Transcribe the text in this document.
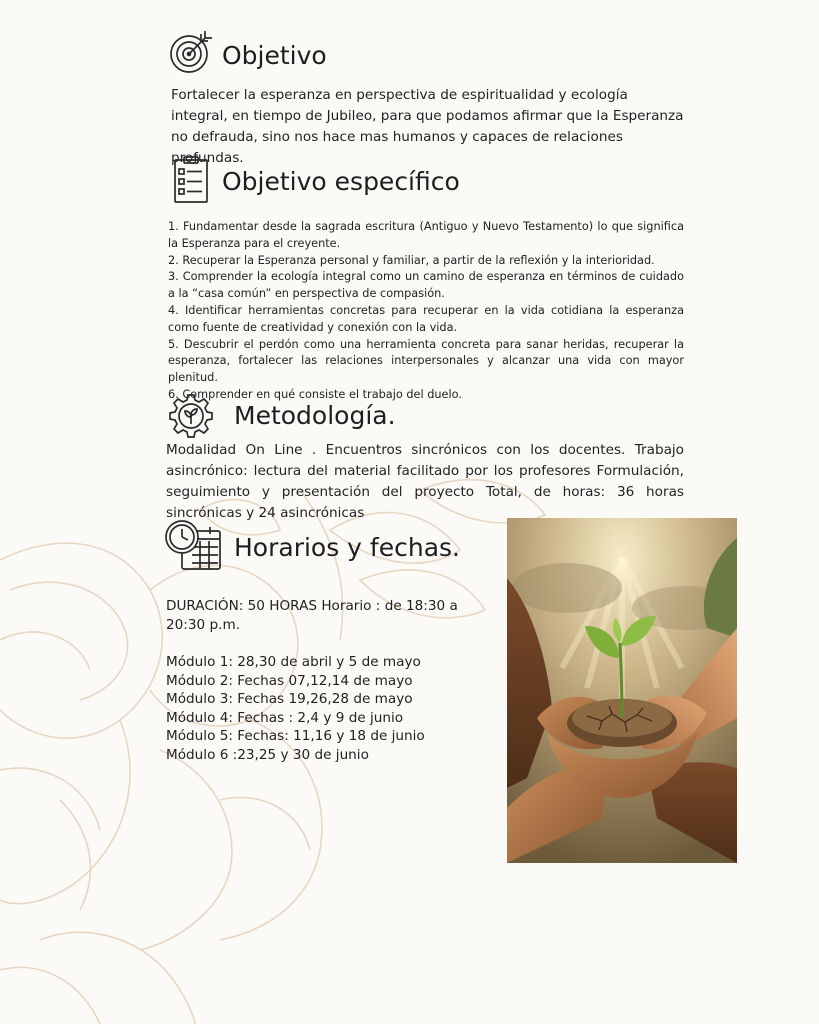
Objetivo
Fortalecer la esperanza en perspectiva de espiritualidad y ecología integral, en tiempo de Jubileo, para que podamos afirmar que la Esperanza no defrauda, sino nos hace mas humanos y capaces de relaciones profundas.
Objetivo específico
1. Fundamentar desde la sagrada escritura (Antiguo y Nuevo Testamento) lo que significa la Esperanza para el creyente.
2. Recuperar la Esperanza personal y familiar, a partir de la reflexión y la interioridad.
3. Comprender la ecología integral como un camino de esperanza en términos de cuidado a la “casa común” en perspectiva de compasión.
4. Identificar herramientas concretas para recuperar en la vida cotidiana la esperanza como fuente de creatividad y conexión con la vida.
5. Descubrir el perdón como una herramienta concreta para sanar heridas, recuperar la esperanza, fortalecer las relaciones interpersonales y alcanzar una vida con mayor plenitud.
6. Comprender en qué consiste el trabajo del duelo.
Metodología.
Modalidad On Line . Encuentros sincrónicos con los docentes. Trabajo asincrónico: lectura del material facilitado por los profesores Formulación, seguimiento y presentación del proyecto Total, de horas: 36 horas sincrónicas y 24 asincrónicas
Horarios y fechas.
DURACIÓN: 50 HORAS Horario : de 18:30 a 20:30 p.m.
Módulo 1: 28,30 de abril y 5 de mayo
Módulo 2: Fechas 07,12,14 de mayo
Módulo 3: Fechas 19,26,28 de mayo
Módulo 4: Fechas : 2,4 y 9 de junio
Módulo 5: Fechas: 11,16 y 18 de junio
Módulo 6 :23,25 y 30 de junio
